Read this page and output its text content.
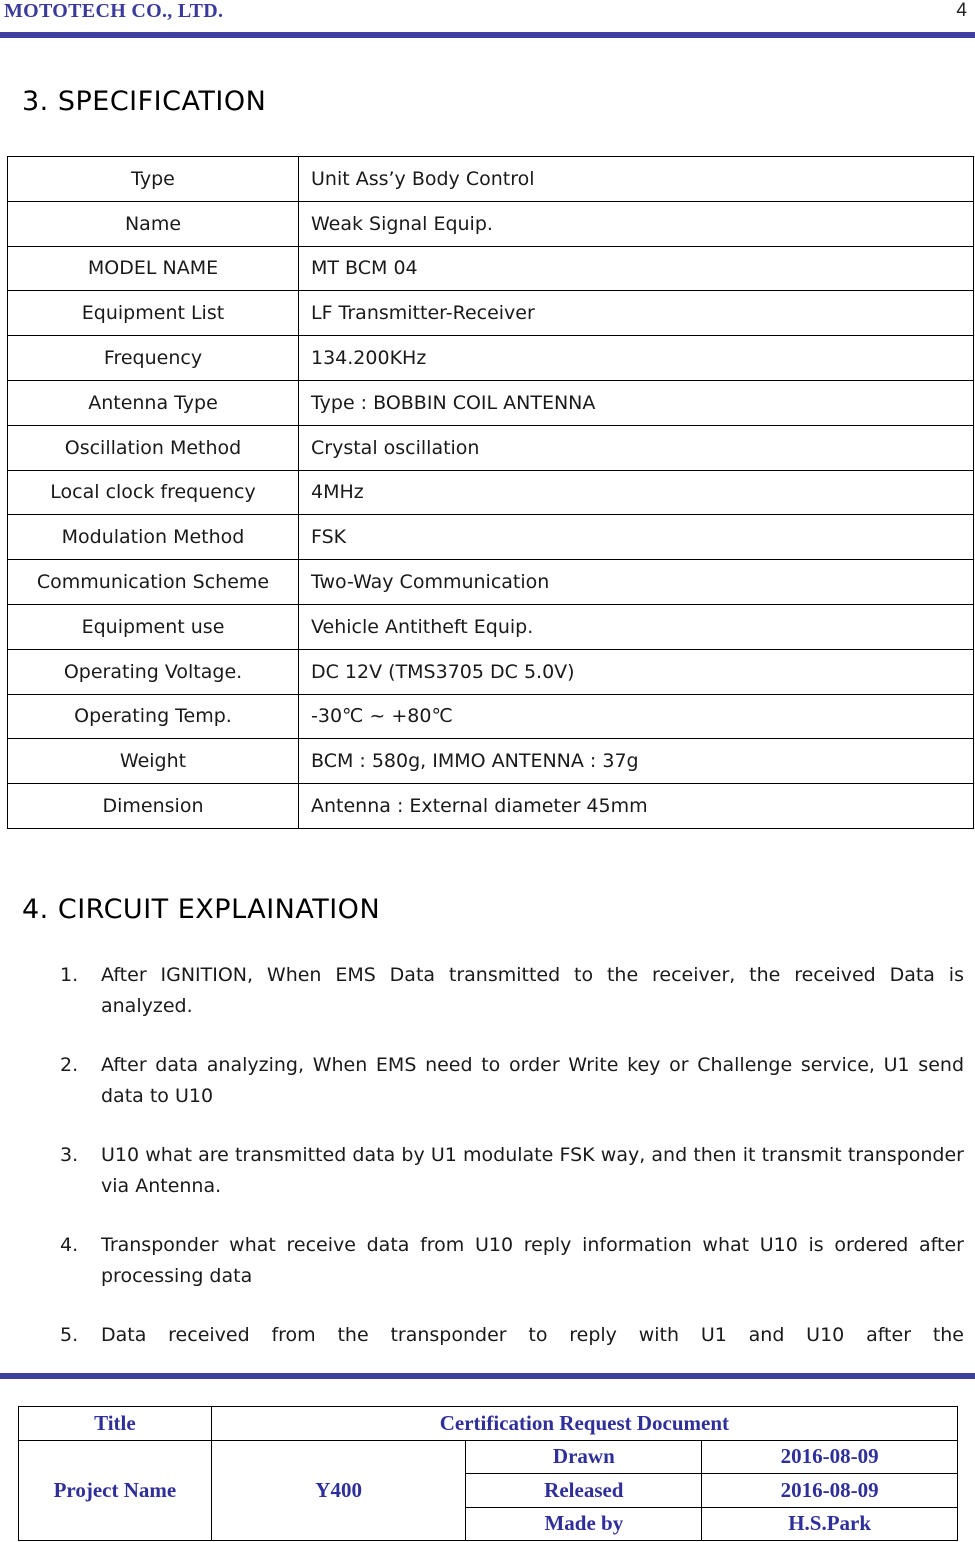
MOTOTECH CO., LTD.	4
3. SPECIFICATION
Type	Unit Ass’y Body Control
Name	Weak Signal Equip.
MODEL NAME	MT BCM 04
Equipment List	LF Transmitter-Receiver
Frequency	134.200KHz
Antenna Type	Type : BOBBIN COIL ANTENNA
Oscillation Method	Crystal oscillation
Local clock frequency	4MHz
Modulation Method	FSK
Communication Scheme	Two-Way Communication
Equipment use	Vehicle Antitheft Equip.
Operating Voltage.	DC 12V (TMS3705 DC 5.0V)
Operating Temp.	-30℃ ~ +80℃
Weight	BCM : 580g, IMMO ANTENNA : 37g
Dimension	Antenna : External diameter 45mm
4. CIRCUIT EXPLAINATION
1.	After IGNITION, When EMS Data transmitted to the receiver, the received Data is analyzed.
2.	After data analyzing, When EMS need to order Write key or Challenge service, U1 send data to U10
3.	U10 what are transmitted data by U1 modulate FSK way, and then it transmit transponder via Antenna.
4.	Transponder what receive data from U10 reply information what U10 is ordered after processing data
5.	Data received from the transponder to reply with U1 and U10 after the
Title	Certification Request Document		
Project Name	Y400	Drawn	2016-08-09
		Released	2016-08-09
		Made by	H.S.Park
